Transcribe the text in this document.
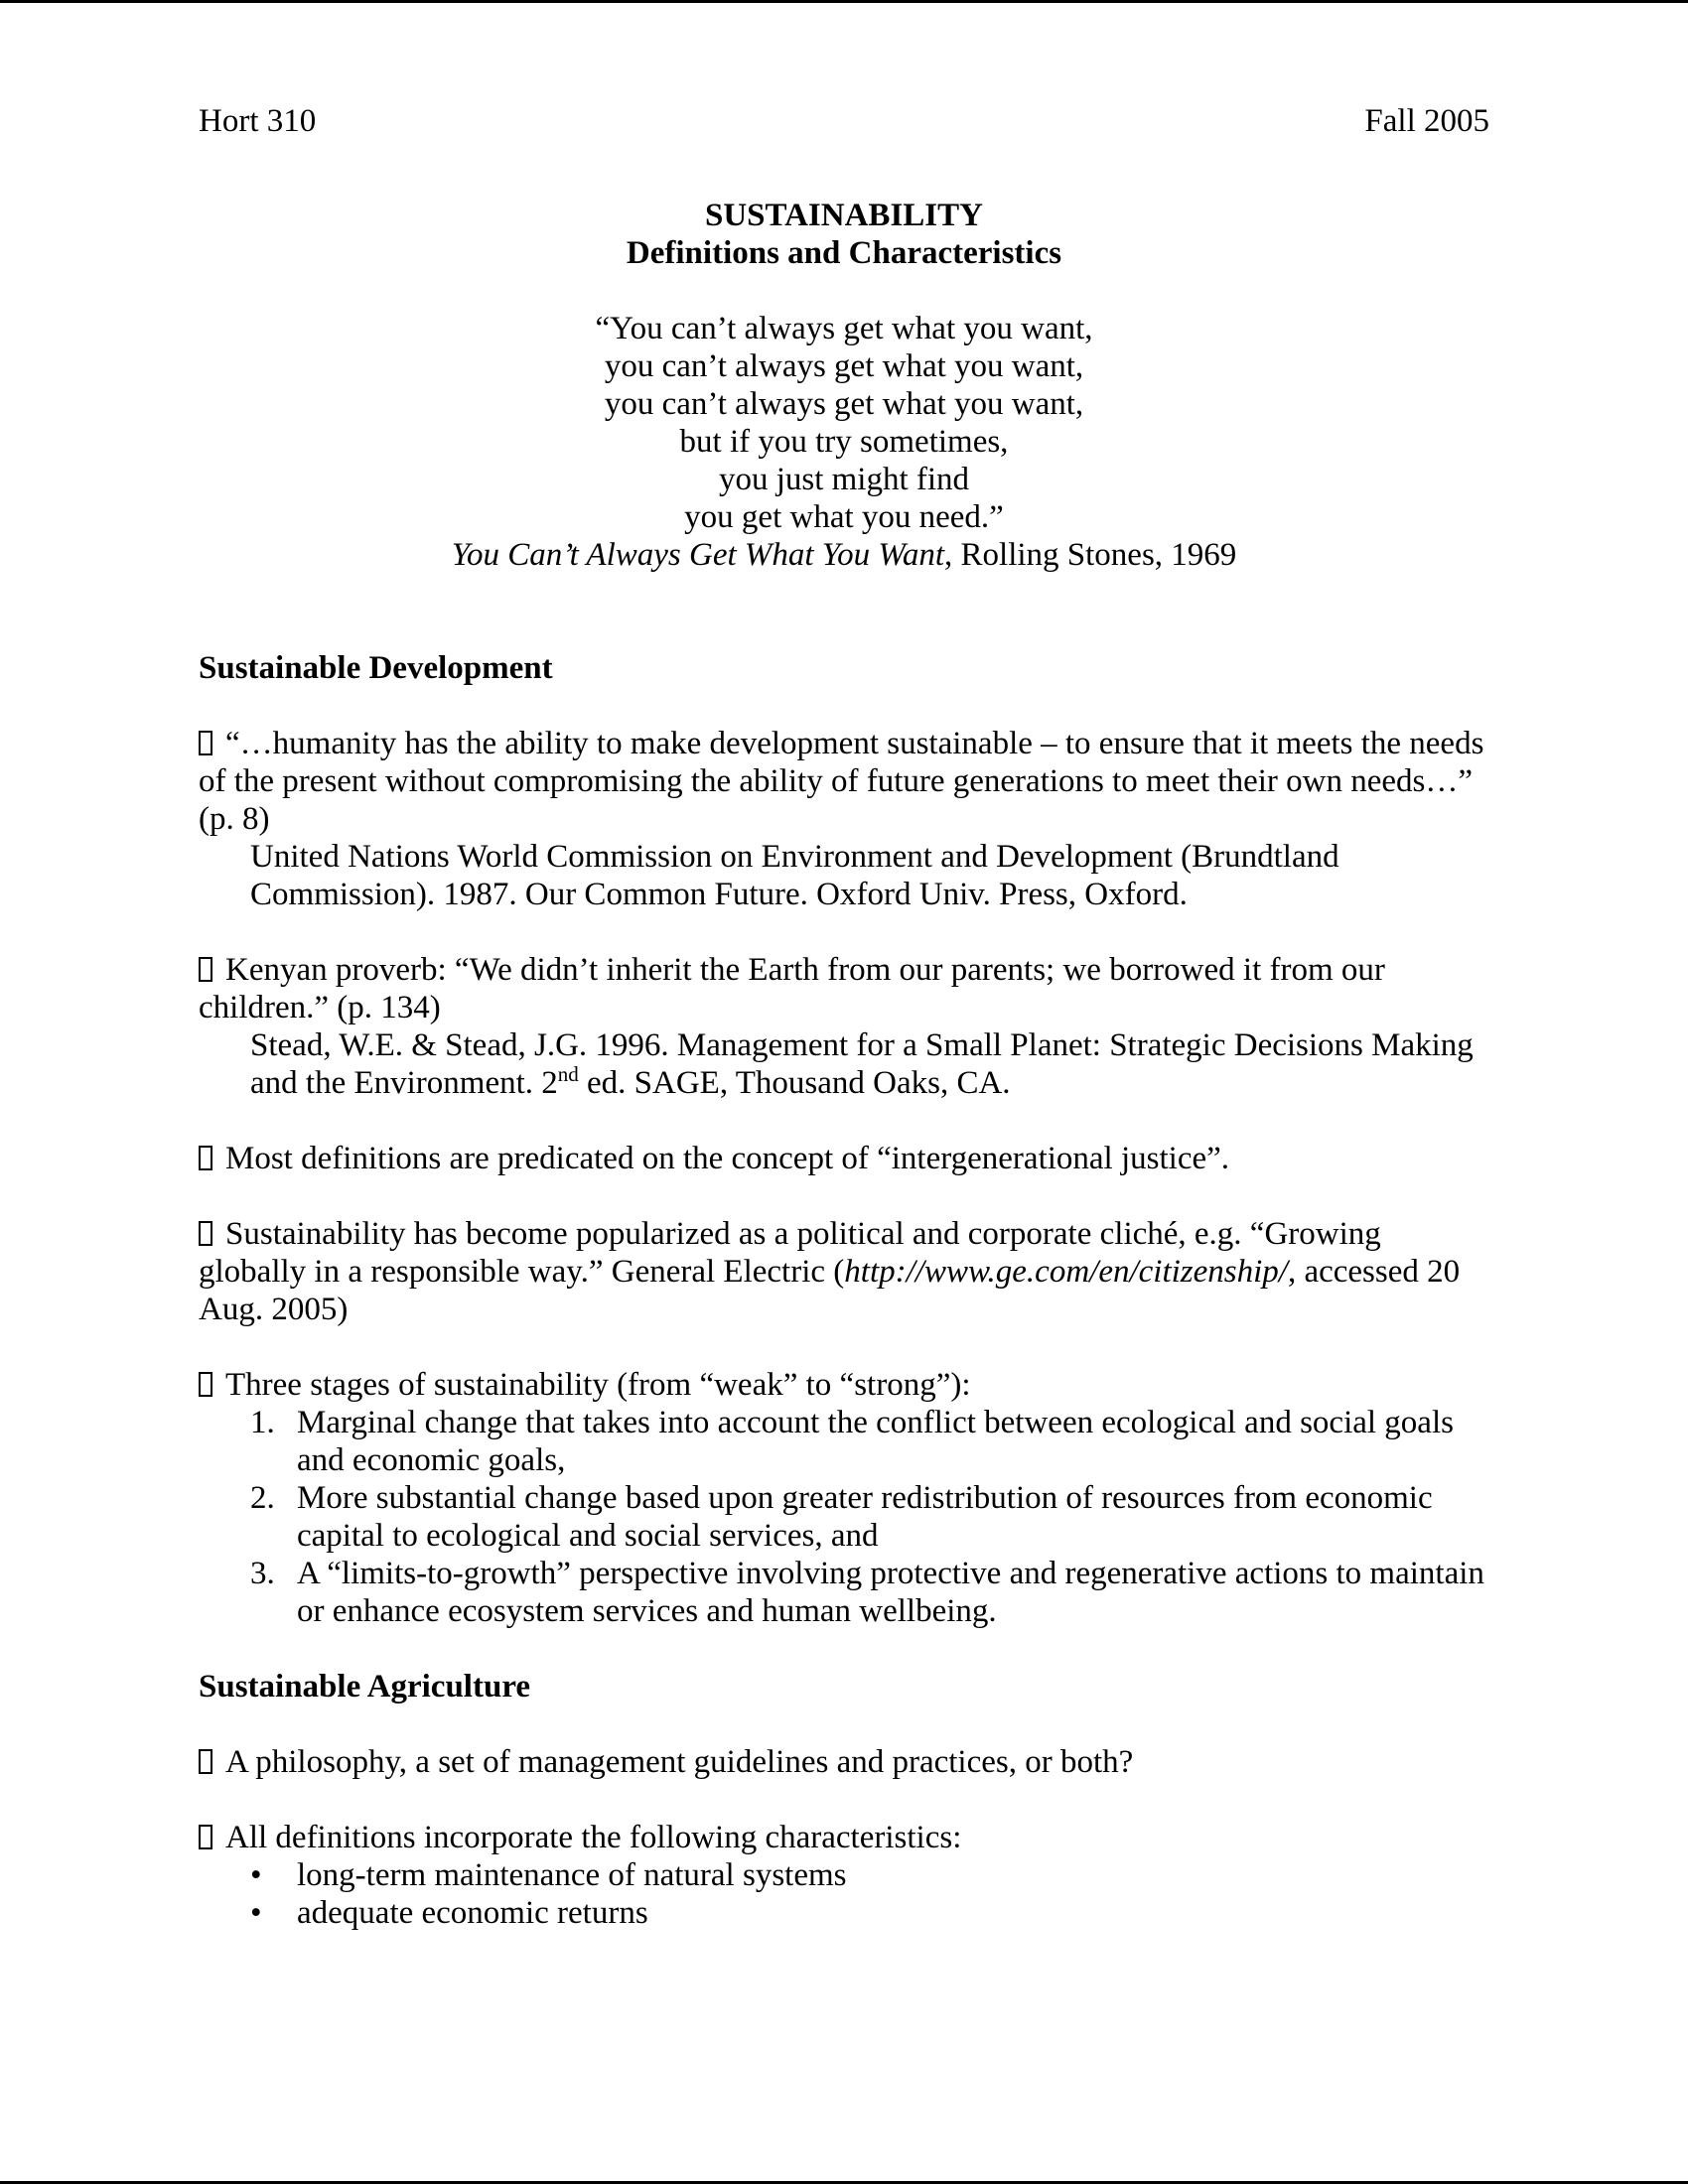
Hort 310	Fall 2005
SUSTAINABILITY
Definitions and Characteristics
“You can’t always get what you want,
you can’t always get what you want,
you can’t always get what you want,
but if you try sometimes,
you just might find
you get what you need.”
You Can’t Always Get What You Want, Rolling Stones, 1969
Sustainable Development

“…humanity has the ability to make development sustainable – to ensure that it meets the needs of the present without compromising the ability of future generations to meet their own needs…” (p. 8)

United Nations World Commission on Environment and Development (Brundtland Commission). 1987. Our Common Future. Oxford Univ. Press, Oxford.

Kenyan proverb: “We didn’t inherit the Earth from our parents; we borrowed it from our children.” (p. 134)

Stead, W.E. & Stead, J.G. 1996. Management for a Small Planet: Strategic Decisions Making and the Environment. 2nd ed. SAGE, Thousand Oaks, CA.

Most definitions are predicated on the concept of “intergenerational justice”.

Sustainability has become popularized as a political and corporate cliché, e.g. “Growing globally in a responsible way.” General Electric (http://www.ge.com/en/citizenship/, accessed 20 Aug. 2005)

Three stages of sustainability (from “weak” to “strong”):

1. Marginal change that takes into account the conflict between ecological and social goals and economic goals,
2. More substantial change based upon greater redistribution of resources from economic capital to ecological and social services, and
3. A “limits-to-growth” perspective involving protective and regenerative actions to maintain or enhance ecosystem services and human wellbeing.
Sustainable Agriculture

A philosophy, a set of management guidelines and practices, or both?

All definitions incorporate the following characteristics:

•	long-term maintenance of natural systems
•	adequate economic returns
